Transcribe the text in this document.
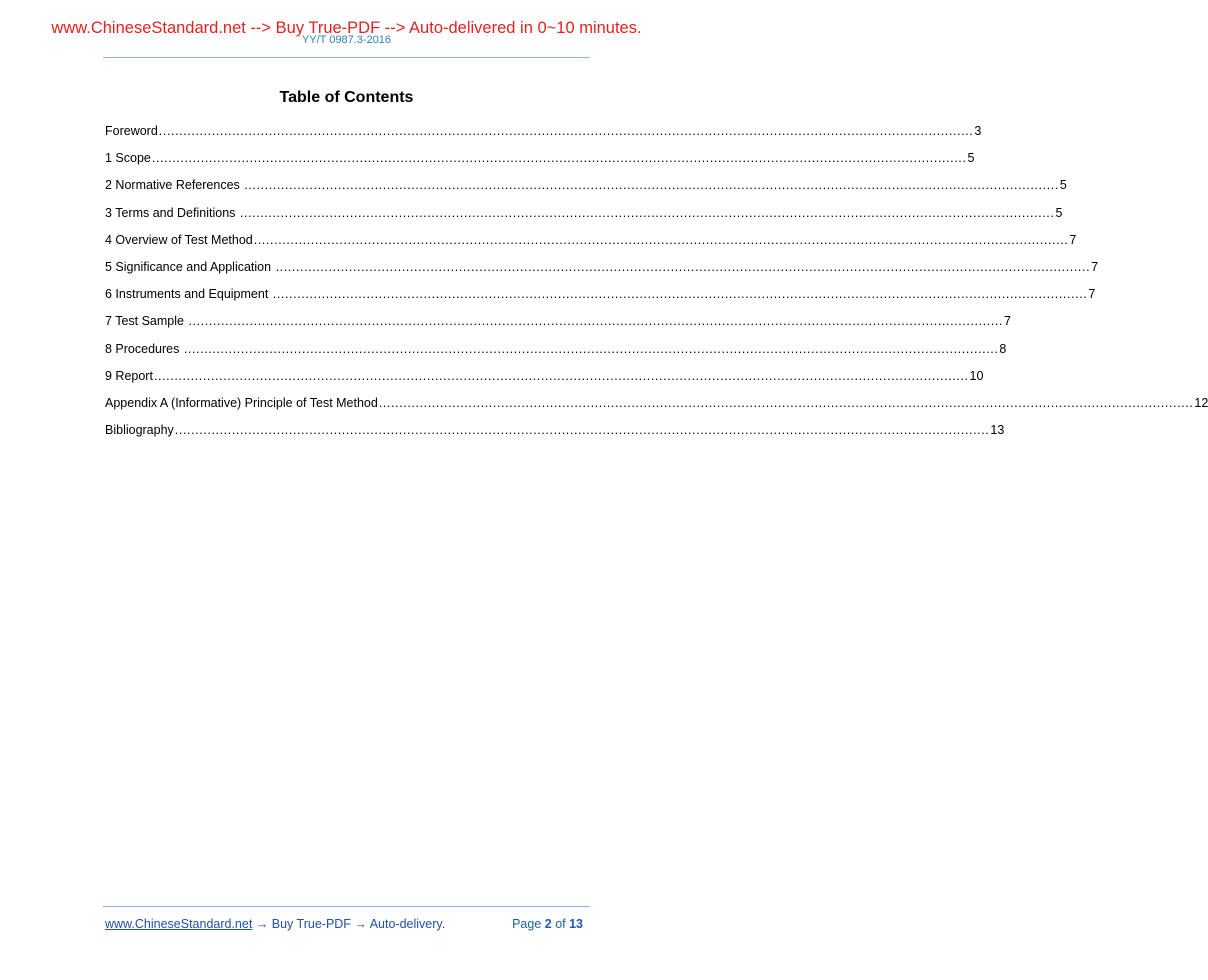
www.ChineseStandard.net --> Buy True-PDF --> Auto-delivered in 0~10 minutes.
YY/T 0987.3-2016
Table of Contents
Foreword ........................................................................................................................................................................................................ 3
1 Scope ........................................................................................................................................................................................................ 5
2 Normative References ........................................................................................................................................................................................................ 5
3 Terms and Definitions ........................................................................................................................................................................................................ 5
4 Overview of Test Method ........................................................................................................................................................................................................ 7
5 Significance and Application ........................................................................................................................................................................................................ 7
6 Instruments and Equipment ........................................................................................................................................................................................................ 7
7 Test Sample ........................................................................................................................................................................................................ 7
8 Procedures ........................................................................................................................................................................................................ 8
9 Report ........................................................................................................................................................................................................ 10
Appendix A (Informative) Principle of Test Method ........................................................................................................................................................................................................ 12
Bibliography ........................................................................................................................................................................................................ 13
www.ChineseStandard.net → Buy True-PDF → Auto-delivery.	Page 2 of 13
